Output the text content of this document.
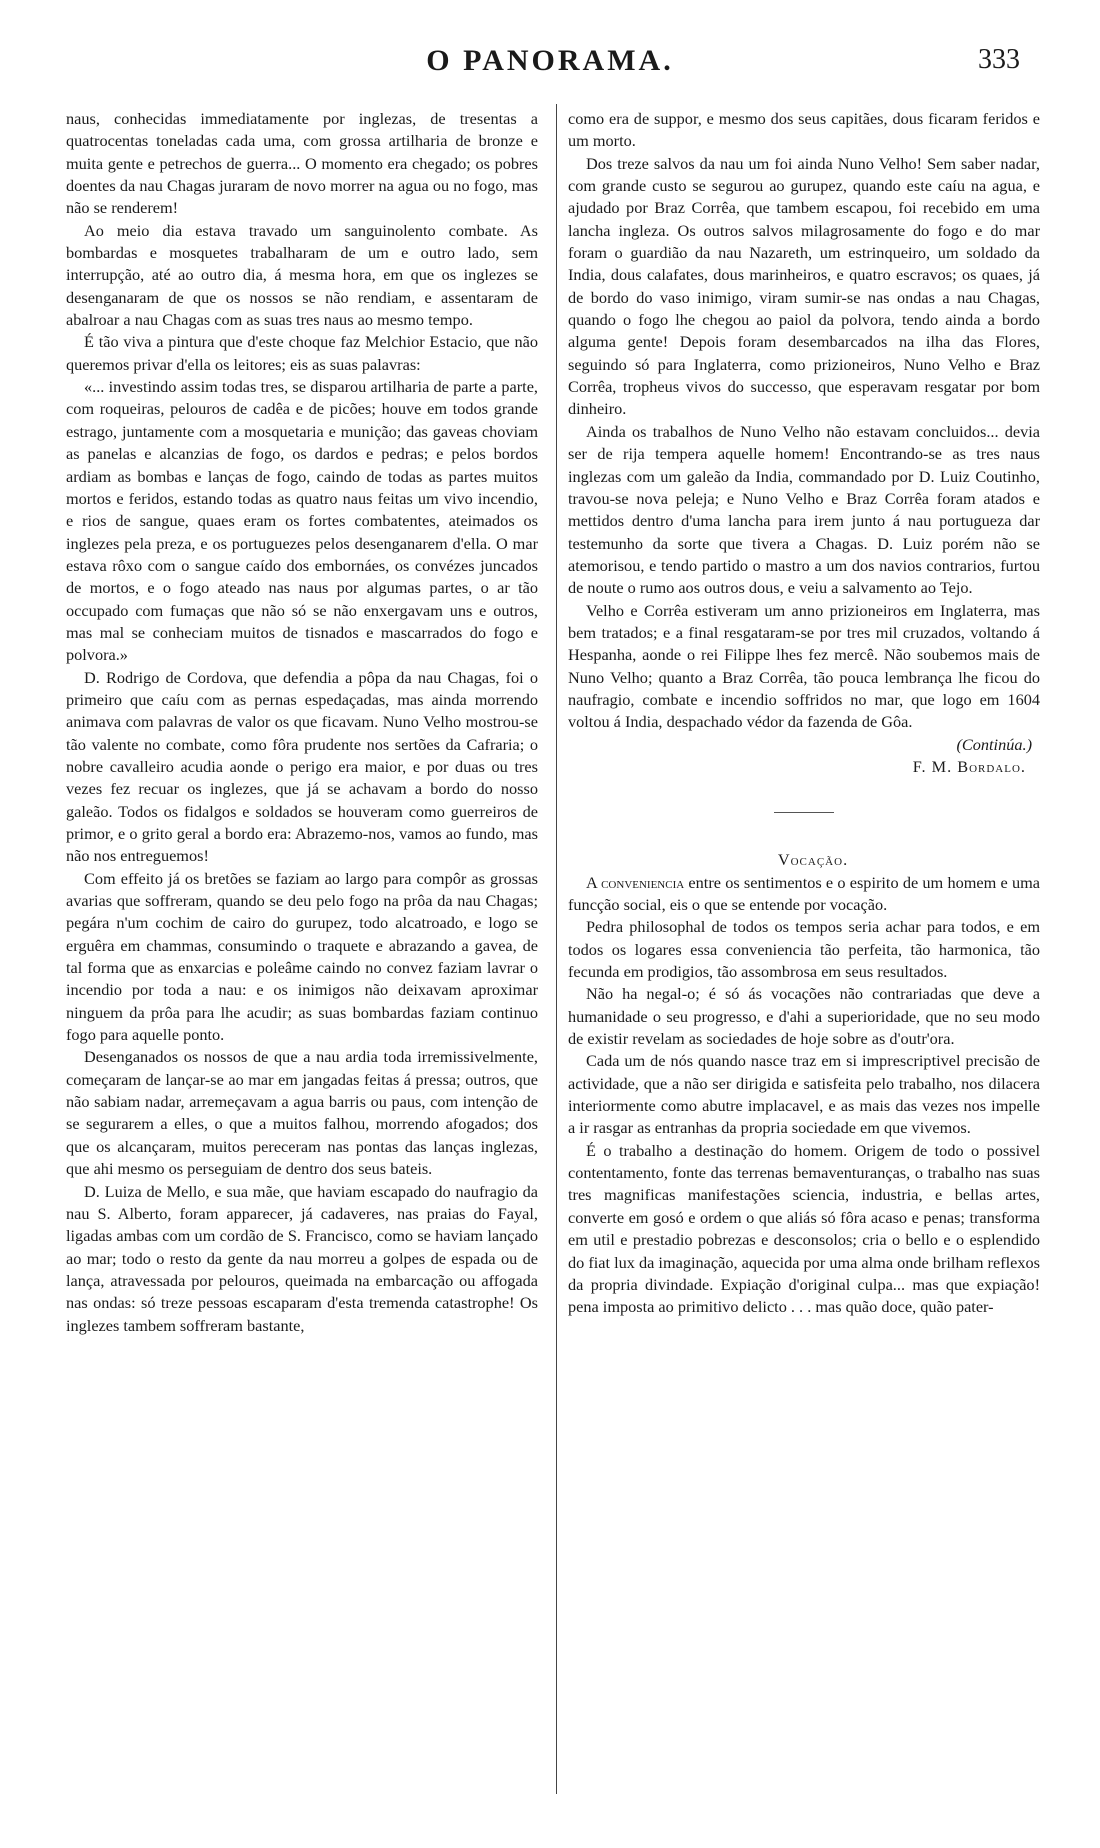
O PANORAMA.	333

naus, conhecidas immediatamente por inglezas, de tresentas a quatrocentas toneladas cada uma, com grossa artilharia de bronze e muita gente e petrechos de guerra... O momento era chegado; os pobres doentes da nau Chagas juraram de novo morrer na agua ou no fogo, mas não se renderem!

Ao meio dia estava travado um sanguinolento combate. As bombardas e mosquetes trabalharam de um e outro lado, sem interrupção, até ao outro dia, á mesma hora, em que os inglezes se desenganaram de que os nossos se não rendiam, e assentaram de abalroar a nau Chagas com as suas tres naus ao mesmo tempo.

É tão viva a pintura que d'este choque faz Melchior Estacio, que não queremos privar d'ella os leitores; eis as suas palavras:

«... investindo assim todas tres, se disparou artilharia de parte a parte, com roqueiras, pelouros de cadêa e de picões; houve em todos grande estrago, juntamente com a mosquetaria e munição; das gaveas choviam as panelas e alcanzias de fogo, os dardos e pedras; e pelos bordos ardiam as bombas e lanças de fogo, caindo de todas as partes muitos mortos e feridos, estando todas as quatro naus feitas um vivo incendio, e rios de sangue, quaes eram os fortes combatentes, ateimados os inglezes pela preza, e os portuguezes pelos desenganarem d'ella. O mar estava rôxo com o sangue caído dos embornáes, os convézes juncados de mortos, e o fogo ateado nas naus por algumas partes, o ar tão occupado com fumaças que não só se não enxergavam uns e outros, mas mal se conheciam muitos de tisnados e mascarrados do fogo e polvora.»

D. Rodrigo de Cordova, que defendia a pôpa da nau Chagas, foi o primeiro que caíu com as pernas espedaçadas, mas ainda morrendo animava com palavras de valor os que ficavam. Nuno Velho mostrou-se tão valente no combate, como fôra prudente nos sertões da Cafraria; o nobre cavalleiro acudia aonde o perigo era maior, e por duas ou tres vezes fez recuar os inglezes, que já se achavam a bordo do nosso galeão. Todos os fidalgos e soldados se houveram como guerreiros de primor, e o grito geral a bordo era: Abrazemo-nos, vamos ao fundo, mas não nos entreguemos!

Com effeito já os bretões se faziam ao largo para compôr as grossas avarias que soffreram, quando se deu pelo fogo na prôa da nau Chagas; pegára n'um cochim de cairo do gurupez, todo alcatroado, e logo se erguêra em chammas, consumindo o traquete e abrazando a gavea, de tal forma que as enxarcias e poleâme caindo no convez faziam lavrar o incendio por toda a nau: e os inimigos não deixavam aproximar ninguem da prôa para lhe acudir; as suas bombardas faziam continuo fogo para aquelle ponto.

Desenganados os nossos de que a nau ardia toda irremissivelmente, começaram de lançar-se ao mar em jangadas feitas á pressa; outros, que não sabiam nadar, arremeçavam a agua barris ou paus, com intenção de se segurarem a elles, o que a muitos falhou, morrendo afogados; dos que os alcançaram, muitos pereceram nas pontas das lanças inglezas, que ahi mesmo os perseguiam de dentro dos seus bateis.

D. Luiza de Mello, e sua mãe, que haviam escapado do naufragio da nau S. Alberto, foram apparecer, já cadaveres, nas praias do Fayal, ligadas ambas com um cordão de S. Francisco, como se haviam lançado ao mar; todo o resto da gente da nau morreu a golpes de espada ou de lança, atravessada por pelouros, queimada na embarcação ou affogada nas ondas: só treze pessoas escaparam d'esta tremenda catastrophe! Os inglezes tambem soffreram bastante,

como era de suppor, e mesmo dos seus capitães, dous ficaram feridos e um morto.

Dos treze salvos da nau um foi ainda Nuno Velho! Sem saber nadar, com grande custo se segurou ao gurupez, quando este caíu na agua, e ajudado por Braz Corrêa, que tambem escapou, foi recebido em uma lancha ingleza. Os outros salvos milagrosamente do fogo e do mar foram o guardião da nau Nazareth, um estrinqueiro, um soldado da India, dous calafates, dous marinheiros, e quatro escravos; os quaes, já de bordo do vaso inimigo, viram sumir-se nas ondas a nau Chagas, quando o fogo lhe chegou ao paiol da polvora, tendo ainda a bordo alguma gente! Depois foram desembarcados na ilha das Flores, seguindo só para Inglaterra, como prizioneiros, Nuno Velho e Braz Corrêa, tropheus vivos do successo, que esperavam resgatar por bom dinheiro.

Ainda os trabalhos de Nuno Velho não estavam concluidos... devia ser de rija tempera aquelle homem! Encontrando-se as tres naus inglezas com um galeão da India, commandado por D. Luiz Coutinho, travou-se nova peleja; e Nuno Velho e Braz Corrêa foram atados e mettidos dentro d'uma lancha para irem junto á nau portugueza dar testemunho da sorte que tivera a Chagas. D. Luiz porém não se atemorisou, e tendo partido o mastro a um dos navios contrarios, furtou de noute o rumo aos outros dous, e veiu a salvamento ao Tejo.

Velho e Corrêa estiveram um anno prizioneiros em Inglaterra, mas bem tratados; e a final resgataram-se por tres mil cruzados, voltando á Hespanha, aonde o rei Filippe lhes fez mercê. Não soubemos mais de Nuno Velho; quanto a Braz Corrêa, tão pouca lembrança lhe ficou do naufragio, combate e incendio soffridos no mar, que logo em 1604 voltou á India, despachado védor da fazenda de Gôa.

(Continúa.)

F. M. Bordalo.

Vocação.

A conveniencia entre os sentimentos e o espirito de um homem e uma funcção social, eis o que se entende por vocação.

Pedra philosophal de todos os tempos seria achar para todos, e em todos os logares essa conveniencia tão perfeita, tão harmonica, tão fecunda em prodigios, tão assombrosa em seus resultados.

Não ha negal-o; é só ás vocações não contrariadas que deve a humanidade o seu progresso, e d'ahi a superioridade, que no seu modo de existir revelam as sociedades de hoje sobre as d'outr'ora.

Cada um de nós quando nasce traz em si imprescriptivel precisão de actividade, que a não ser dirigida e satisfeita pelo trabalho, nos dilacera interiormente como abutre implacavel, e as mais das vezes nos impelle a ir rasgar as entranhas da propria sociedade em que vivemos.

É o trabalho a destinação do homem. Origem de todo o possivel contentamento, fonte das terrenas bemaventuranças, o trabalho nas suas tres magnificas manifestações sciencia, industria, e bellas artes, converte em gosó e ordem o que aliás só fôra acaso e penas; transforma em util e prestadio pobrezas e desconsolos; cria o bello e o esplendido do fiat lux da imaginação, aquecida por uma alma onde brilham reflexos da propria divindade. Expiação d'original culpa... mas que expiação! pena imposta ao primitivo delicto . . . mas quão doce, quão pater-
